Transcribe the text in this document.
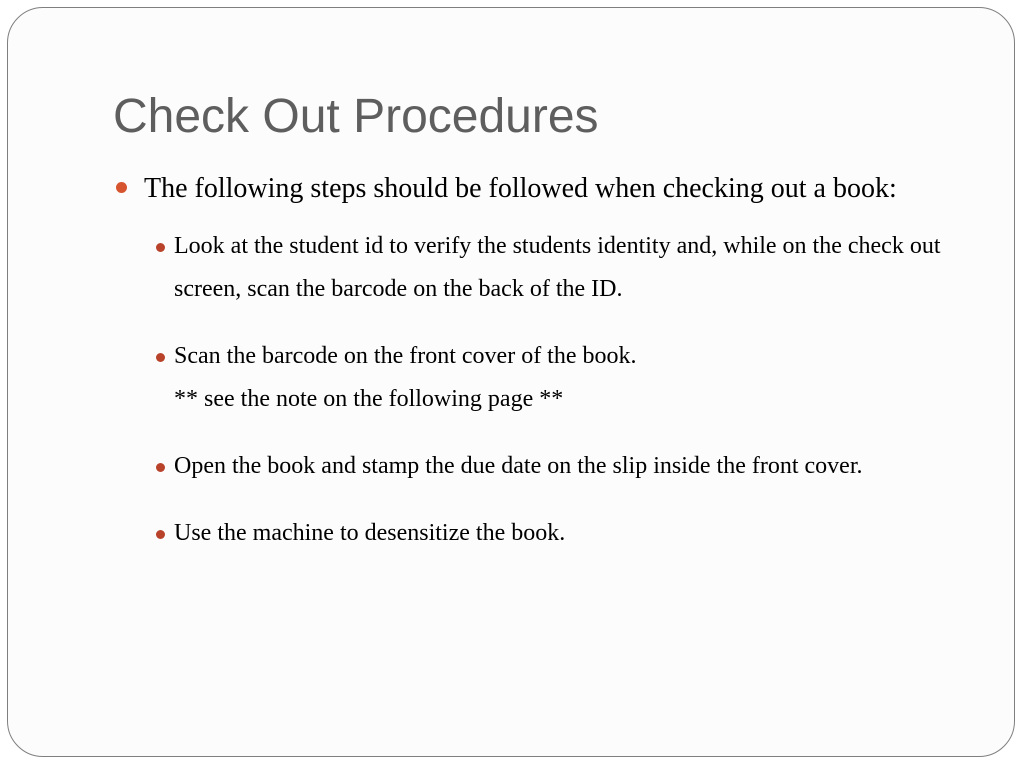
Check Out Procedures
The following steps should be followed when checking out a book:
Look at the student id to verify the students identity and, while on the check out screen, scan the barcode on the back of the ID.
Scan the barcode on the front cover of the book.
** see the note on the following page **
Open the book and stamp the due date on the slip inside the front cover.
Use the machine to desensitize the book.
